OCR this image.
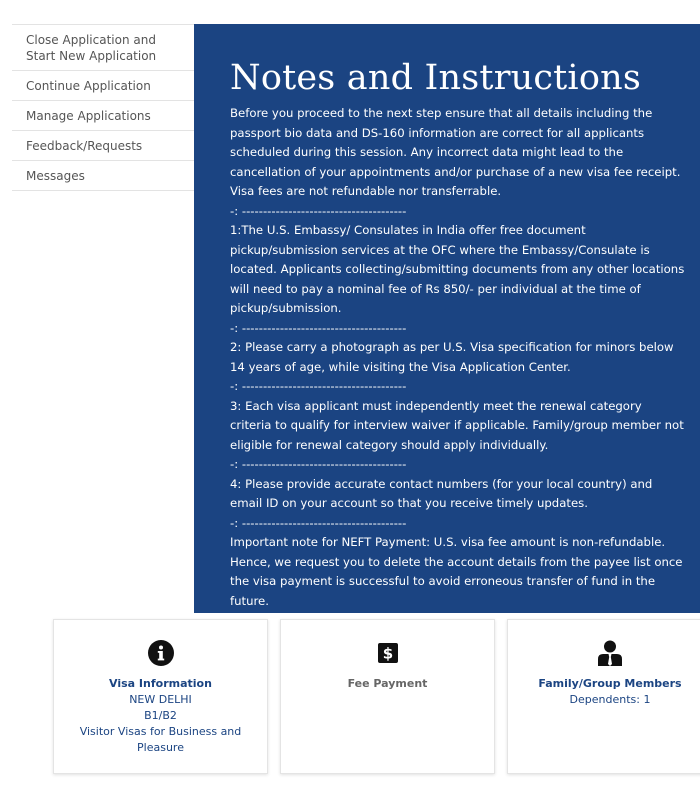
Close Application and Start New Application
Continue Application
Manage Applications
Feedback/Requests
Messages
Notes and Instructions

Before you proceed to the next step ensure that all details including the passport bio data and DS-160 information are correct for all applicants scheduled during this session. Any incorrect data might lead to the cancellation of your appointments and/or purchase of a new visa fee receipt. Visa fees are not refundable nor transferrable.

-: ---------------------------------------

1:The U.S. Embassy/ Consulates in India offer free document pickup/submission services at the OFC where the Embassy/Consulate is located. Applicants collecting/submitting documents from any other locations will need to pay a nominal fee of Rs 850/- per individual at the time of pickup/submission.

-: ---------------------------------------

2: Please carry a photograph as per U.S. Visa specification for minors below 14 years of age, while visiting the Visa Application Center.

-: ---------------------------------------

3: Each visa applicant must independently meet the renewal category criteria to qualify for interview waiver if applicable. Family/group member not eligible for renewal category should apply individually.

-: ---------------------------------------

4: Please provide accurate contact numbers (for your local country) and email ID on your account so that you receive timely updates.

-: ---------------------------------------

Important note for NEFT Payment: U.S. visa fee amount is non-refundable. Hence, we request you to delete the account details from the payee list once the visa payment is successful to avoid erroneous transfer of fund in the future.

Visa Information
NEW DELHI
B1/B2
Visitor Visas for Business and Pleasure
$
Fee Payment	Family/Group Members
Dependents: 1
